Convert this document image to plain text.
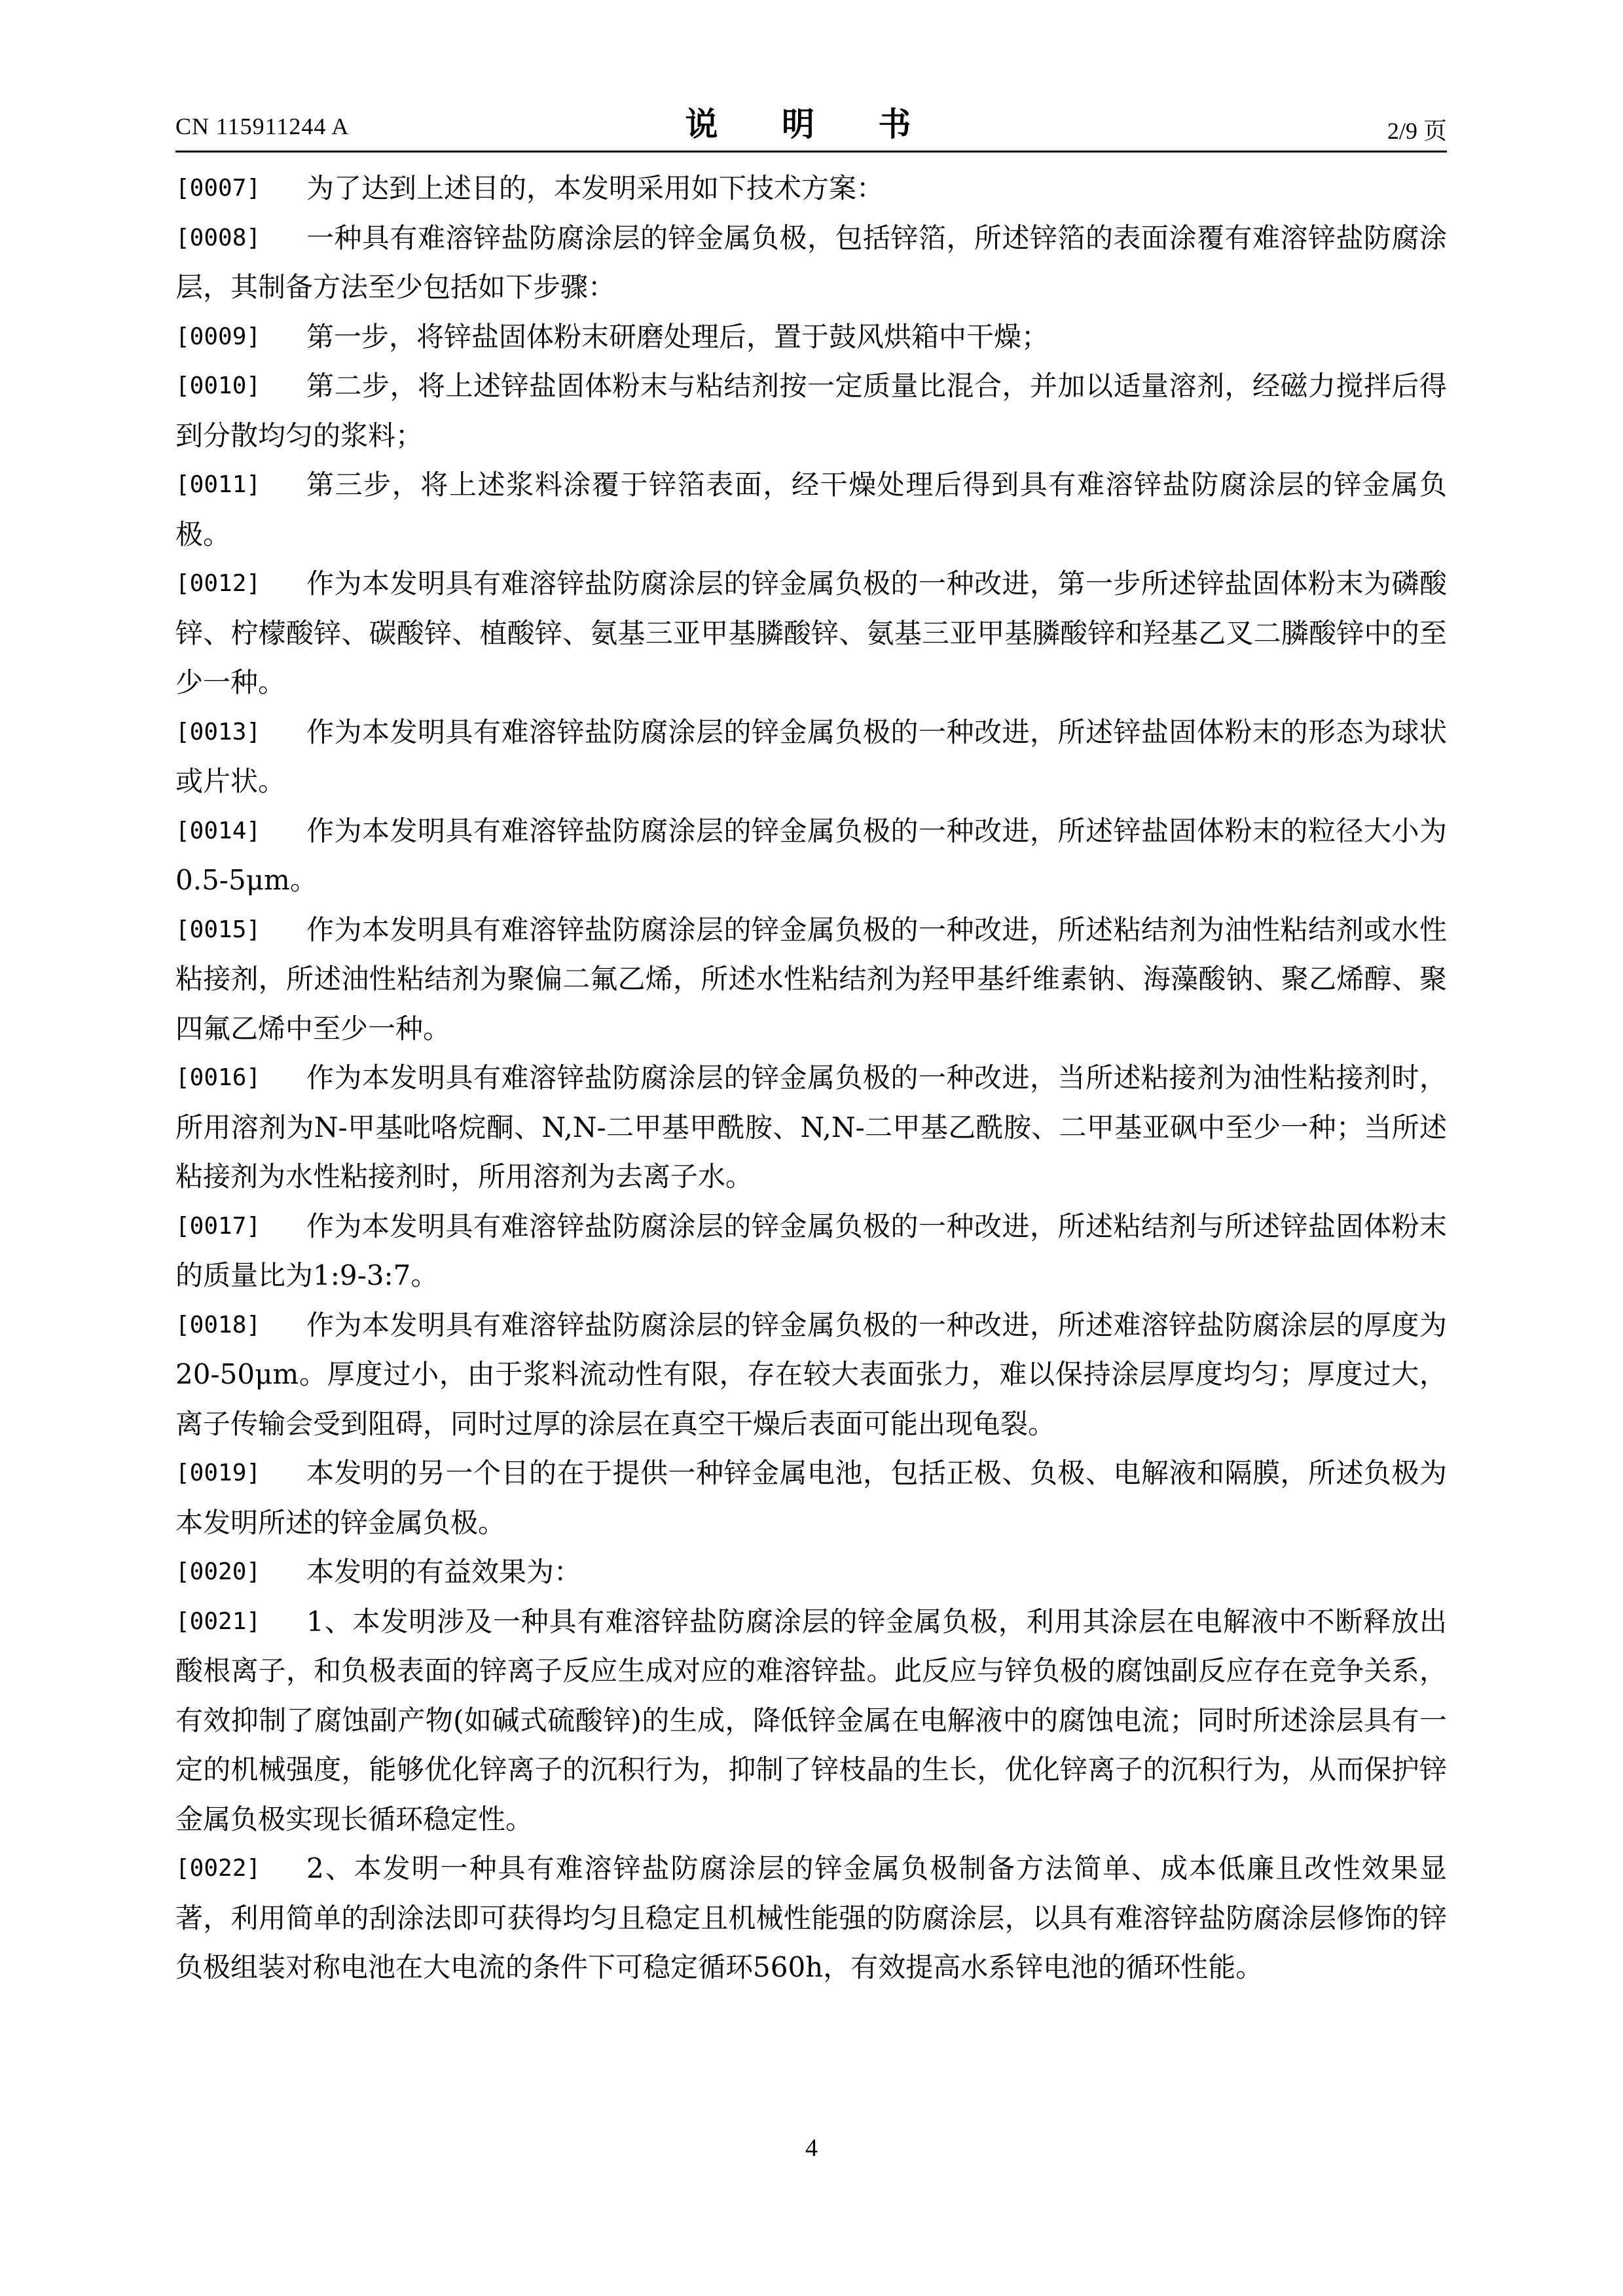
CN 115911244 A	说 明 书	2/9 页
[0007]	为了达到上述目的，本发明采用如下技术方案：
[0008]	一种具有难溶锌盐防腐涂层的锌金属负极，包括锌箔，所述锌箔的表面涂覆有难溶锌盐防腐涂层，其制备方法至少包括如下步骤：
[0009]	第一步，将锌盐固体粉末研磨处理后，置于鼓风烘箱中干燥；
[0010]	第二步，将上述锌盐固体粉末与粘结剂按一定质量比混合，并加以适量溶剂，经磁力搅拌后得到分散均匀的浆料；
[0011]	第三步，将上述浆料涂覆于锌箔表面，经干燥处理后得到具有难溶锌盐防腐涂层的锌金属负极。
[0012]	作为本发明具有难溶锌盐防腐涂层的锌金属负极的一种改进，第一步所述锌盐固体粉末为磷酸锌、柠檬酸锌、碳酸锌、植酸锌、氨基三亚甲基膦酸锌、氨基三亚甲基膦酸锌和羟基乙叉二膦酸锌中的至少一种。
[0013]	作为本发明具有难溶锌盐防腐涂层的锌金属负极的一种改进，所述锌盐固体粉末的形态为球状或片状。
[0014]	作为本发明具有难溶锌盐防腐涂层的锌金属负极的一种改进，所述锌盐固体粉末的粒径大小为0.5-5μm。
[0015]	作为本发明具有难溶锌盐防腐涂层的锌金属负极的一种改进，所述粘结剂为油性粘结剂或水性粘接剂，所述油性粘结剂为聚偏二氟乙烯，所述水性粘结剂为羟甲基纤维素钠、海藻酸钠、聚乙烯醇、聚四氟乙烯中至少一种。
[0016]	作为本发明具有难溶锌盐防腐涂层的锌金属负极的一种改进，当所述粘接剂为油性粘接剂时，所用溶剂为N-甲基吡咯烷酮、N,N-二甲基甲酰胺、N,N-二甲基乙酰胺、二甲基亚砜中至少一种；当所述粘接剂为水性粘接剂时，所用溶剂为去离子水。
[0017]	作为本发明具有难溶锌盐防腐涂层的锌金属负极的一种改进，所述粘结剂与所述锌盐固体粉末的质量比为1:9-3:7。
[0018]	作为本发明具有难溶锌盐防腐涂层的锌金属负极的一种改进，所述难溶锌盐防腐涂层的厚度为20-50μm。厚度过小，由于浆料流动性有限，存在较大表面张力，难以保持涂层厚度均匀；厚度过大，离子传输会受到阻碍，同时过厚的涂层在真空干燥后表面可能出现龟裂。
[0019]	本发明的另一个目的在于提供一种锌金属电池，包括正极、负极、电解液和隔膜，所述负极为本发明所述的锌金属负极。
[0020]	本发明的有益效果为：
[0021]	1、本发明涉及一种具有难溶锌盐防腐涂层的锌金属负极，利用其涂层在电解液中不断释放出酸根离子，和负极表面的锌离子反应生成对应的难溶锌盐。此反应与锌负极的腐蚀副反应存在竞争关系，有效抑制了腐蚀副产物(如碱式硫酸锌)的生成，降低锌金属在电解液中的腐蚀电流；同时所述涂层具有一定的机械强度，能够优化锌离子的沉积行为，抑制了锌枝晶的生长，优化锌离子的沉积行为，从而保护锌金属负极实现长循环稳定性。
[0022]	2、本发明一种具有难溶锌盐防腐涂层的锌金属负极制备方法简单、成本低廉且改性效果显著，利用简单的刮涂法即可获得均匀且稳定且机械性能强的防腐涂层，以具有难溶锌盐防腐涂层修饰的锌负极组装对称电池在大电流的条件下可稳定循环560h，有效提高水系锌电池的循环性能。
4
